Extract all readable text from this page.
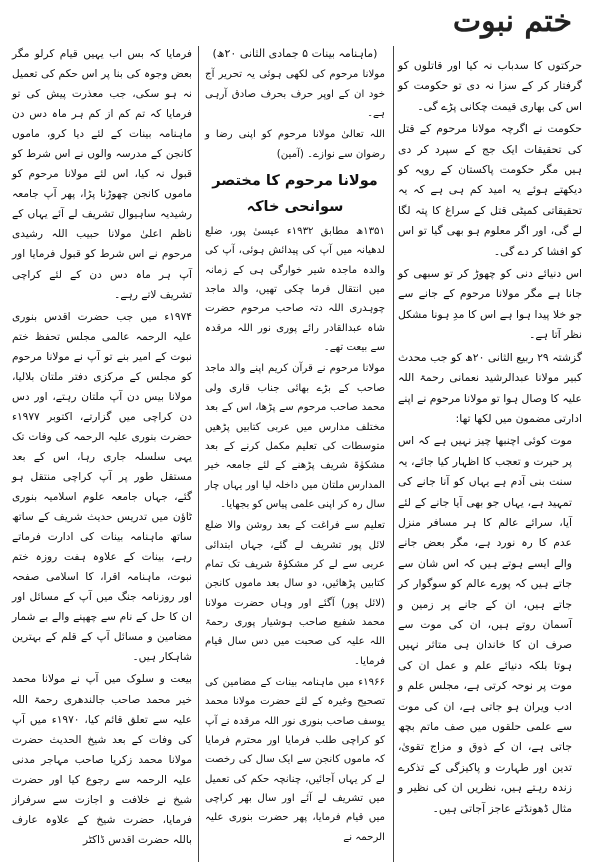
ختم نبوت

حرکتوں کا سدباب نہ کیا اور قاتلوں کو گرفتار کر کے سزا نہ دی تو حکومت کو اس کی بھاری قیمت چکانی پڑے گی۔

حکومت نے اگرچہ مولانا مرحوم کے قتل کی تحقیقات ایک جج کے سپرد کر دی ہیں مگر حکومت پاکستان کے رویہ کو دیکھتے ہوئے یہ امید کم ہی ہے کہ یہ تحقیقاتی کمیٹی قتل کے سراغ کا پتہ لگا لے گی، اور اگر معلوم ہو بھی گیا تو اس کو افشا کر دے گی۔

اس دنیائے دنی کو چھوڑ کر تو سبھی کو جانا ہے مگر مولانا مرحوم کے جانے سے جو خلا پیدا ہوا ہے اس کا مدِ ہونا مشکل نظر آتا ہے۔

گزشتہ ۲۹ ربیع الثانی ۲۰ھ کو جب محدث کبیر مولانا عبدالرشید نعمانی رحمۃ اللہ علیہ کا وصال ہوا تو مولانا مرحوم نے اپنے ادارتی مضمون میں لکھا تھا:

موت کوئی اچنبھا چیز نہیں ہے کہ اس پر حیرت و تعجب کا اظہار کیا جائے، یہ سنت بنی آدم ہے یہاں کو آنا جانے کی تمہید ہے، یہاں جو بھی آیا جانے کے لئے آیا، سرائے عالم کا ہر مسافر منزل عدم کا رہ نورد ہے، مگر بعض جانے والے ایسے ہوتے ہیں کہ اس شان سے جاتے ہیں کہ پورے عالم کو سوگوار کر جاتے ہیں، ان کے جانے پر زمین و آسمان روتے ہیں، ان کی موت سے صرف ان کا خاندان ہی متاثر نہیں ہوتا بلکہ دنیائے علم و عمل ان کی موت پر نوحہ کرتی ہے، مجلس علم و ادب ویران ہو جاتی ہے، ان کی موت سے علمی حلقوں میں صف ماتم بچھ جاتی ہے، ان کے ذوق و مزاج تقویٰ، تدین اور طہارت و پاکیزگی کے تذکرے زندہ رہتے ہیں، نظریں ان کی نظیر و مثال ڈھونڈتے عاجز آجاتی ہیں۔

(ماہنامہ بینات ۵ جمادی الثانی ۲۰ھ)

مولانا مرحوم کی لکھی ہوئی یہ تحریر آج خود ان کے اوپر حرف بحرف صادق آرہی ہے۔

اللہ تعالیٰ مولانا مرحوم کو اپنی رضا و رضوان سے نوازے۔ (آمین)

مولانا مرحوم کا مختصر سوانحی خاکہ

۱۳۵۱ھ مطابق ۱۹۳۲ء عیسیٰ پور، ضلع لدھیانہ میں آپ کی پیدائش ہوئی، آپ کی والدہ ماجدہ شیر خوارگی ہی کے زمانہ میں انتقال فرما چکی تھیں، والد ماجد چوہدری اللہ دتہ صاحب مرحوم حضرت شاہ عبدالقادر رائے پوری نور اللہ مرقدہ سے بیعت تھے۔

مولانا مرحوم نے قرآن کریم اپنے والد ماجد صاحب کے بڑے بھائی جناب قاری ولی محمد صاحب مرحوم سے پڑھا، اس کے بعد مختلف مدارس میں عربی کتابیں پڑھیں متوسطات کی تعلیم مکمل کرنے کے بعد مشکوٰۃ شریف پڑھنے کے لئے جامعہ خیر المدارس ملتان میں داخلہ لیا اور یہاں چار سال رہ کر اپنی علمی پیاس کو بجھایا۔

تعلیم سے فراغت کے بعد روشن والا ضلع لائل پور تشریف لے گئے، جہاں ابتدائی عربی سے لے کر مشکوٰۃ شریف تک تمام کتابیں پڑھائیں، دو سال بعد ماموں کانجن (لائل پور) آگئے اور وہاں حضرت مولانا محمد شفیع صاحب ہوشیار پوری رحمۃ اللہ علیہ کی صحبت میں دس سال قیام فرمایا۔

۱۹۶۶ء میں ماہنامہ بینات کے مضامین کی تصحیح وغیرہ کے لئے حضرت مولانا محمد یوسف صاحب بنوری نور اللہ مرقدہ نے آپ کو کراچی طلب فرمایا اور محترم فرمایا کہ ماموں کانجن سے ایک سال کی رخصت لے کر یہاں آجائیں، چنانچہ حکم کی تعمیل میں تشریف لے آئے اور سال بھر کراچی میں قیام فرمایا، پھر حضرت بنوری علیہ الرحمہ نے

فرمایا کہ بس اب یہیں قیام کرلو مگر بعض وجوہ کی بنا پر اس حکم کی تعمیل نہ ہو سکی، جب معذرت پیش کی تو فرمایا کہ تم کم از کم ہر ماہ دس دن ماہنامہ بینات کے لئے دیا کرو، ماموں کانجن کے مدرسہ والوں نے اس شرط کو قبول نہ کیا، اس لئے مولانا مرحوم کو ماموں کانجن چھوڑنا پڑا، پھر آپ جامعہ رشیدیہ ساہیوال تشریف لے آئے یہاں کے ناظم اعلیٰ مولانا حبیب اللہ رشیدی مرحوم نے اس شرط کو قبول فرمایا اور آپ ہر ماہ دس دن کے لئے کراچی تشریف لاتے رہے۔

۱۹۷۴ء میں جب حضرت اقدس بنوری علیہ الرحمہ عالمی مجلس تحفظ ختم نبوت کے امیر بنے تو آپ نے مولانا مرحوم کو مجلس کے مرکزی دفتر ملتان بلالیا، مولانا بیس دن آپ ملتان رہتے، اور دس دن کراچی میں گزارتے، اکتوبر ۱۹۷۷ء حضرت بنوری علیہ الرحمہ کی وفات تک یہی سلسلہ جاری رہا، اس کے بعد مستقل طور پر آپ کراچی منتقل ہو گئے، جہاں جامعہ علوم اسلامیہ بنوری ٹاؤن میں تدریس حدیث شریف کے ساتھ ساتھ ماہنامہ بینات کی ادارت فرماتے رہے، بینات کے علاوہ ہفت روزہ ختم نبوت، ماہنامہ اقرا، کا اسلامی صفحہ اور روزنامہ جنگ میں آپ کے مسائل اور ان کا حل کے نام سے چھپنے والے بے شمار مضامین و مسائل آپ کے قلم کے بہترین شاہکار ہیں۔

بیعت و سلوک میں آپ نے مولانا محمد خیر محمد صاحب جالندھری رحمۃ اللہ علیہ سے تعلق قائم کیا، ۱۹۷۰ء میں آپ کی وفات کے بعد شیخ الحدیث حضرت مولانا محمد زکریا صاحب مہاجر مدنی علیہ الرحمہ سے رجوع کیا اور حضرت شیخ نے خلافت و اجازت سے سرفراز فرمایا، حضرت شیخ کے علاوہ عارف باللہ حضرت اقدس ڈاکٹر
